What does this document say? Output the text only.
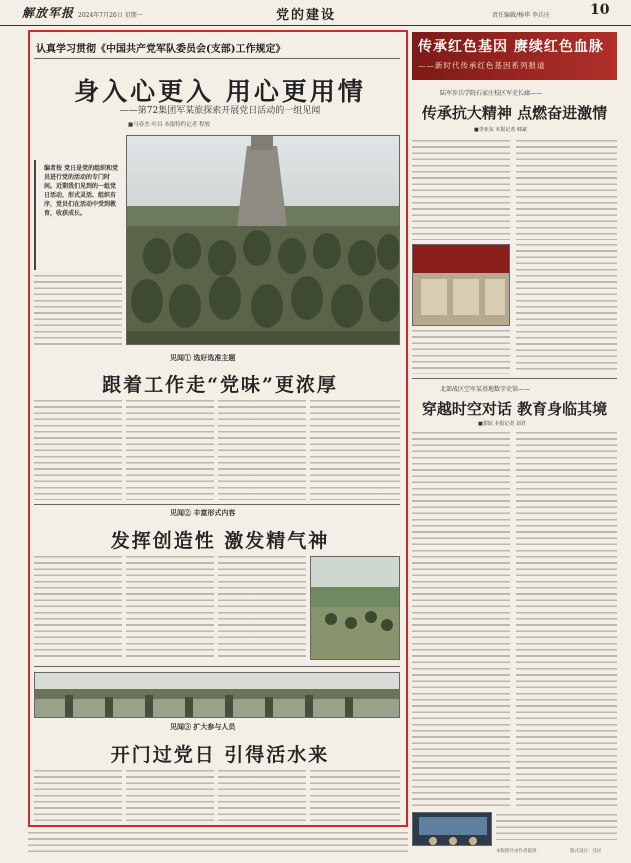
解放军报 2024年7月26日 星期一	党的建设	责任编辑/杨华 李兵庄	10
认真学习贯彻《中国共产党军队委员会(支部)工作规定》
身入心更入 用心更用情
——第72集团军某旅探索开展党日活动的一组见闻
■马春杰 叶昌 本报特约记者 程皎

编者按 党日是党的组织和党员进行党的活动的专门时间。近期我们见到的一组党日活动，形式灵活、组织有序，党员们在活动中受到教育，收获成长。

见闻① 选好选准主题
跟着工作走“党味”更浓厚
见闻② 丰富形式内容
发挥创造性 激发精气神
见闻③ 扩大参与人员
开门过党日 引得活水来
传承红色基因 赓续红色血脉
——新时代传承红色基因系列报道
陆军步兵学院石家庄校区军史长廊——
传承抗大精神 点燃奋进激情
■李亚东 本报记者 韩斌
北部战区空军某基地数字史馆——
穿越时空对话 教育身临其境
■郭珉 本报记者 刘君
本版照片由作者提供	版式设计：任民
